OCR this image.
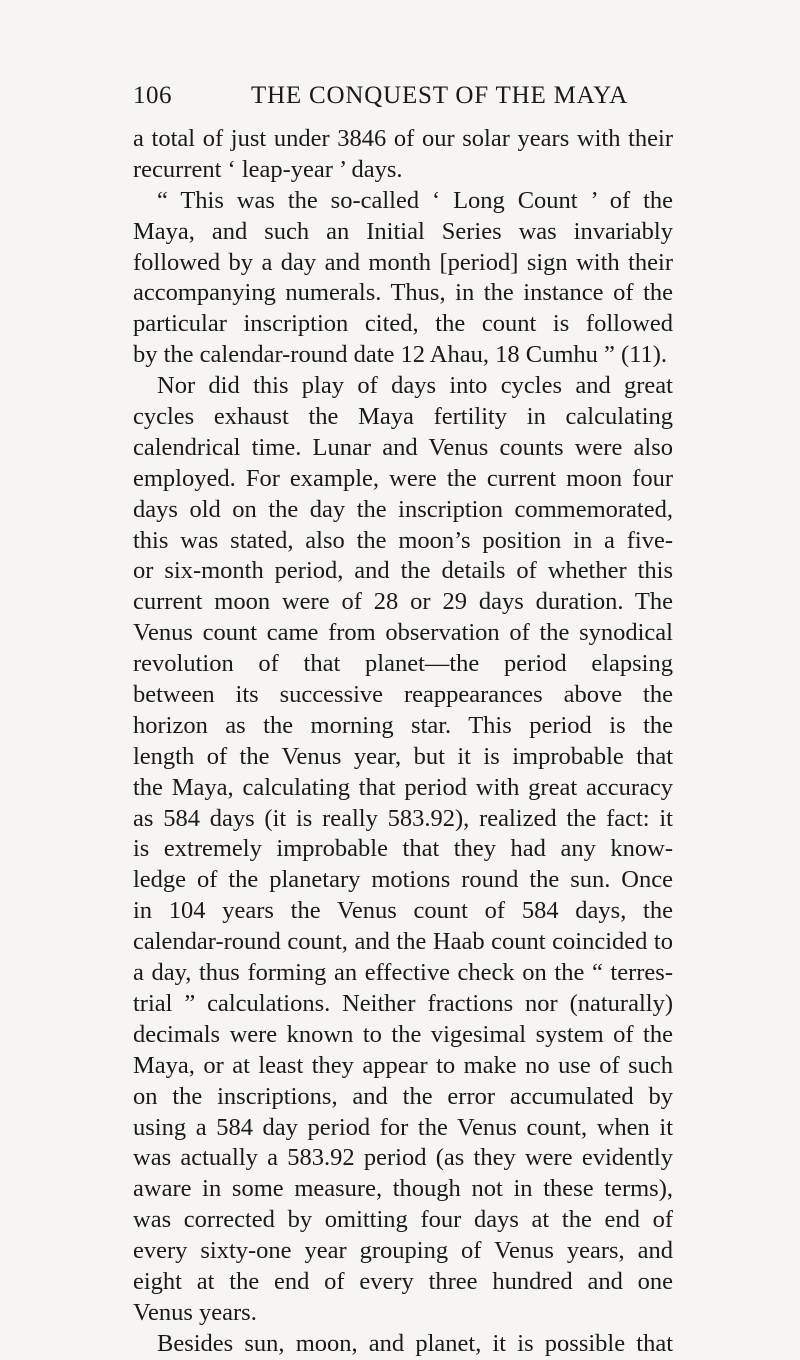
106	THE CONQUEST OF THE MAYA
a total of just under 3846 of our solar years with their
recurrent ‘ leap-year ’ days.
“ This was the so-called ‘ Long Count ’ of the
Maya, and such an Initial Series was invariably
followed by a day and month [period] sign with their
accompanying numerals. Thus, in the instance of the
particular inscription cited, the count is followed
by the calendar-round date 12 Ahau, 18 Cumhu ” (11).
Nor did this play of days into cycles and great
cycles exhaust the Maya fertility in calculating
calendrical time. Lunar and Venus counts were also
employed. For example, were the current moon four
days old on the day the inscription commemorated,
this was stated, also the moon’s position in a five-
or six-month period, and the details of whether this
current moon were of 28 or 29 days duration. The
Venus count came from observation of the synodical
revolution of that planet—the period elapsing
between its successive reappearances above the
horizon as the morning star. This period is the
length of the Venus year, but it is improbable that
the Maya, calculating that period with great accuracy
as 584 days (it is really 583.92), realized the fact: it
is extremely improbable that they had any know-
ledge of the planetary motions round the sun. Once
in 104 years the Venus count of 584 days, the
calendar-round count, and the Haab count coincided to
a day, thus forming an effective check on the “ terres-
trial ” calculations. Neither fractions nor (naturally)
decimals were known to the vigesimal system of the
Maya, or at least they appear to make no use of such
on the inscriptions, and the error accumulated by
using a 584 day period for the Venus count, when it
was actually a 583.92 period (as they were evidently
aware in some measure, though not in these terms),
was corrected by omitting four days at the end of
every sixty-one year grouping of Venus years, and
eight at the end of every three hundred and one
Venus years.
Besides sun, moon, and planet, it is possible that
